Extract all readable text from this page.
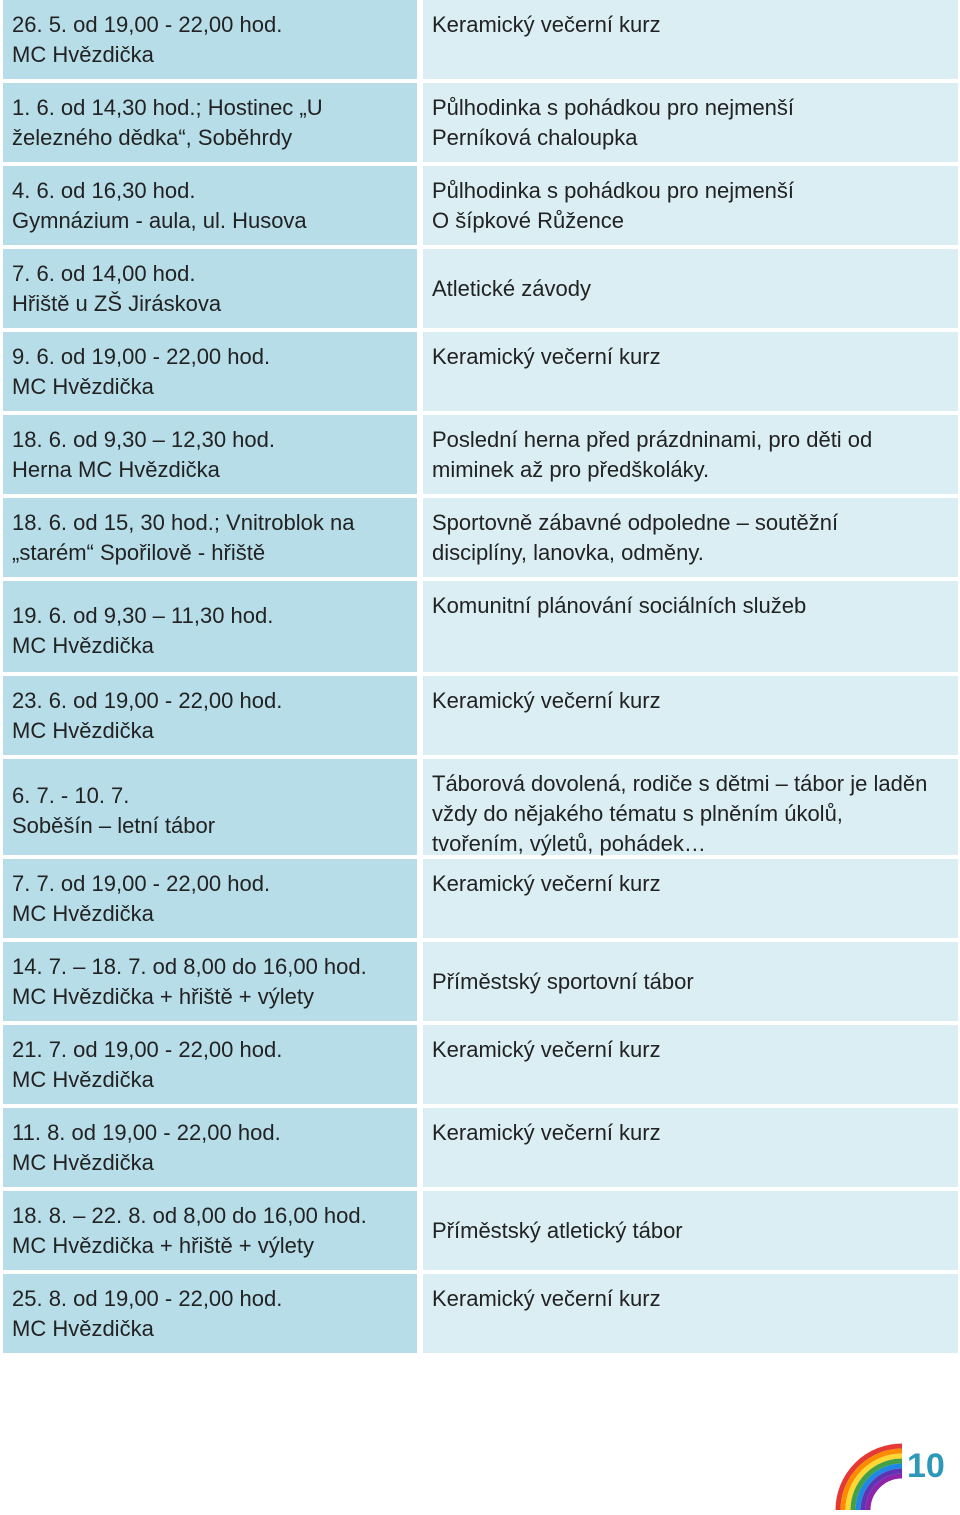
26. 5. od 19,00 - 22,00 hod.
MC Hvězdička
Keramický večerní kurz
1. 6. od 14,30 hod.; Hostinec „U
železného dědka“, Soběhrdy
Půlhodinka s pohádkou pro nejmenší
Perníková chaloupka
4. 6. od 16,30 hod.
Gymnázium - aula, ul. Husova
Půlhodinka s pohádkou pro nejmenší
O šípkové Růžence
7. 6. od 14,00 hod.
Hřiště u ZŠ Jiráskova
Atletické závody
9. 6. od 19,00 - 22,00 hod.
MC Hvězdička
Keramický večerní kurz
18. 6. od 9,30 – 12,30 hod.
Herna MC Hvězdička
Poslední herna před prázdninami, pro děti od
miminek až pro předškoláky.
18. 6. od 15, 30 hod.; Vnitroblok na
„starém“ Spořilově - hřiště
Sportovně zábavné odpoledne – soutěžní
disciplíny, lanovka, odměny.
19. 6. od 9,30 – 11,30 hod.
MC Hvězdička
Komunitní plánování sociálních služeb
23. 6. od 19,00 - 22,00 hod.
MC Hvězdička
Keramický večerní kurz
6. 7. - 10. 7.
Soběšín – letní tábor
Táborová dovolená, rodiče s dětmi – tábor je laděn
vždy do nějakého tématu s plněním úkolů,
tvořením, výletů, pohádek…
7. 7. od 19,00 - 22,00 hod.
MC Hvězdička
Keramický večerní kurz
14. 7. – 18. 7. od 8,00 do 16,00 hod.
MC Hvězdička + hřiště + výlety
Příměstský sportovní tábor
21. 7. od 19,00 - 22,00 hod.
MC Hvězdička
Keramický večerní kurz
11. 8. od 19,00 - 22,00 hod.
MC Hvězdička
Keramický večerní kurz
18. 8. – 22. 8. od 8,00 do 16,00 hod.
MC Hvězdička + hřiště + výlety
Příměstský atletický tábor
25. 8. od 19,00 - 22,00 hod.
MC Hvězdička
Keramický večerní kurz
10
